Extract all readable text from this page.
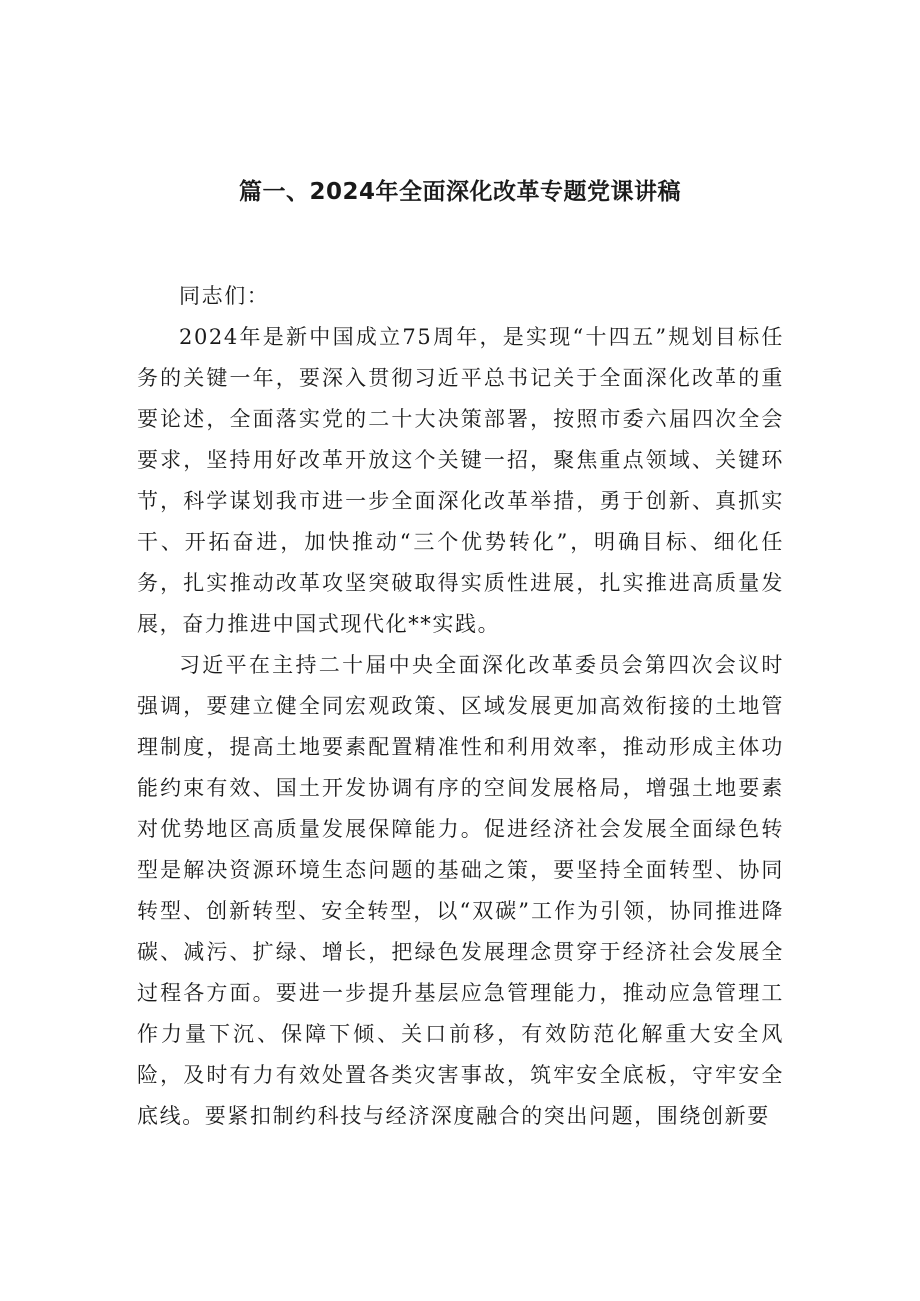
篇一、2024年全面深化改革专题党课讲稿

同志们：

2024年是新中国成立75周年，是实现“十四五”规划目标任务的关键一年，要深入贯彻习近平总书记关于全面深化改革的重要论述，全面落实党的二十大决策部署，按照市委六届四次全会要求，坚持用好改革开放这个关键一招，聚焦重点领域、关键环节，科学谋划我市进一步全面深化改革举措，勇于创新、真抓实干、开拓奋进，加快推动“三个优势转化”，明确目标、细化任务，扎实推动改革攻坚突破取得实质性进展，扎实推进高质量发展，奋力推进中国式现代化**实践。

习近平在主持二十届中央全面深化改革委员会第四次会议时强调，要建立健全同宏观政策、区域发展更加高效衔接的土地管理制度，提高土地要素配置精准性和利用效率，推动形成主体功能约束有效、国土开发协调有序的空间发展格局，增强土地要素对优势地区高质量发展保障能力。促进经济社会发展全面绿色转型是解决资源环境生态问题的基础之策，要坚持全面转型、协同转型、创新转型、安全转型，以“双碳”工作为引领，协同推进降碳、减污、扩绿、增长，把绿色发展理念贯穿于经济社会发展全过程各方面。要进一步提升基层应急管理能力，推动应急管理工作力量下沉、保障下倾、关口前移，有效防范化解重大安全风险，及时有力有效处置各类灾害事故，筑牢安全底板，守牢安全底线。要紧扣制约科技与经济深度融合的突出问题，围绕创新要
